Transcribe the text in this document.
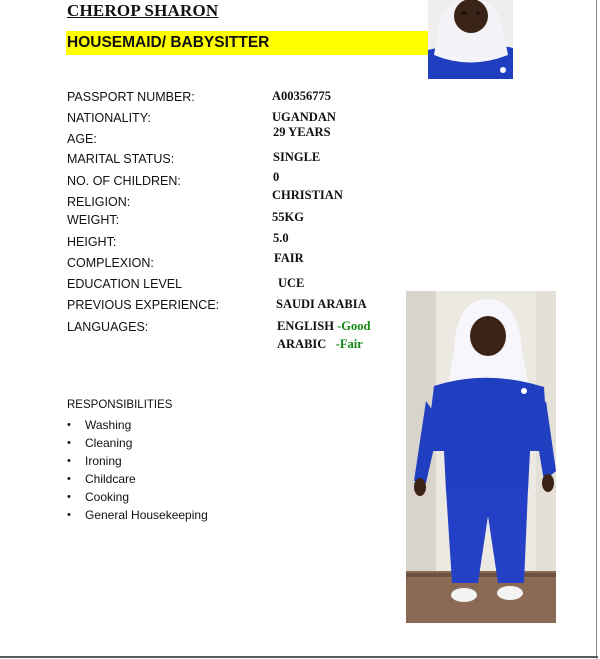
CHEROP SHARON
HOUSEMAID/ BABYSITTER
PASSPORT NUMBER:
NATIONALITY:
AGE:
MARITAL STATUS:
NO. OF CHILDREN:
RELIGION:
WEIGHT:
HEIGHT:
COMPLEXION:
EDUCATION LEVEL
PREVIOUS EXPERIENCE:
LANGUAGES:
A00356775
UGANDAN
29 YEARS
SINGLE
0
CHRISTIAN
55KG
5.0
FAIR
UCE
SAUDI ARABIA
ENGLISH -Good
ARABIC -Fair
RESPONSIBILITIES
• Washing
• Cleaning
• Ironing
• Childcare
• Cooking
• General Housekeeping
